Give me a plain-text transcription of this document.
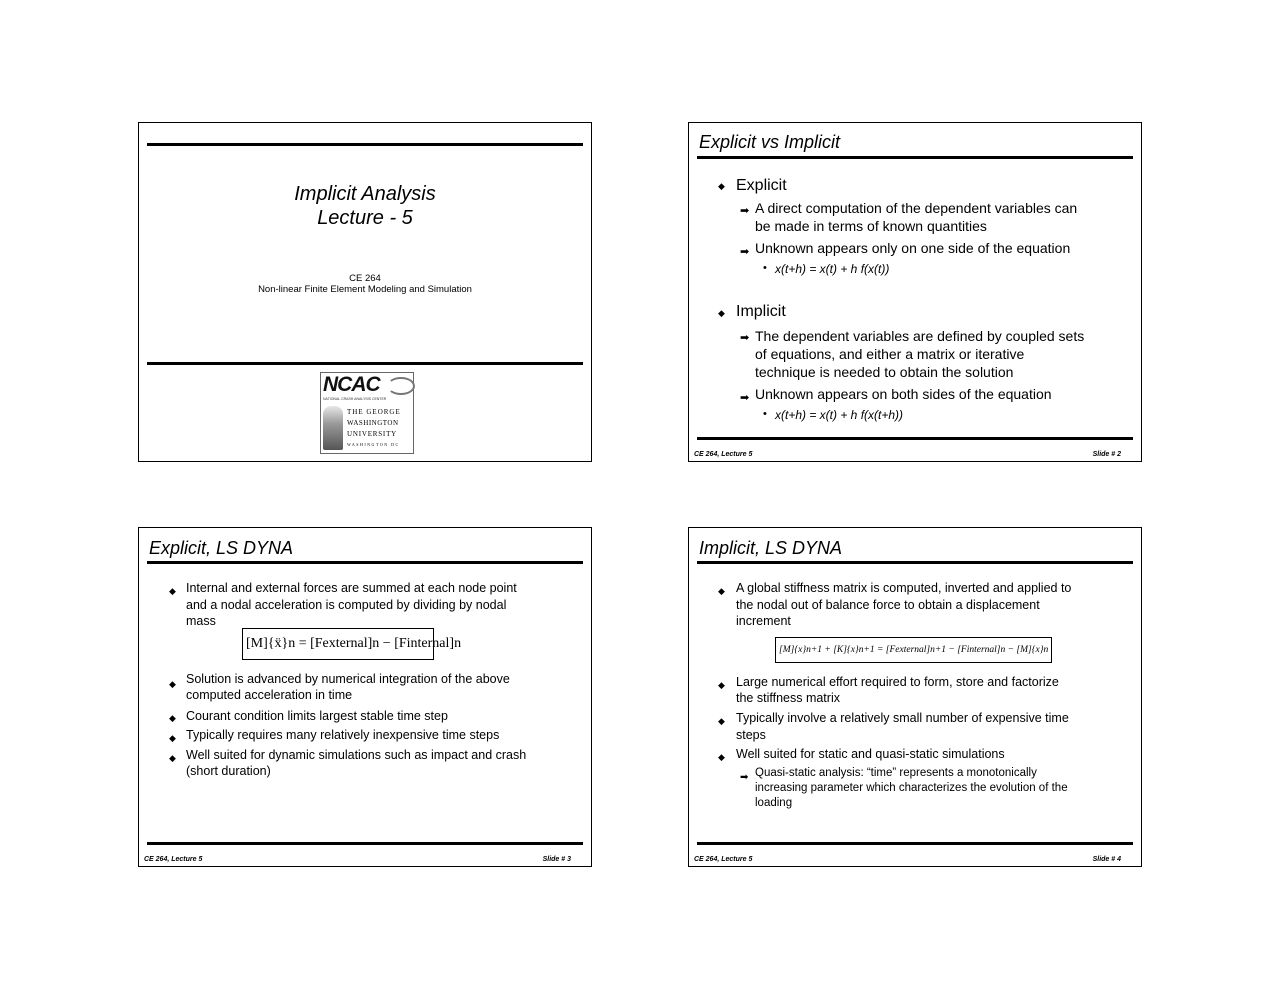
Implicit Analysis
Lecture - 5
CE 264
Non-linear Finite Element Modeling and Simulation
NCAC
NATIONAL CRASH ANALYSIS CENTER
THE GEORGE
WASHINGTON
UNIVERSITY
WASHINGTON DC
Explicit vs Implicit
◆ Explicit
➡ A direct computation of the dependent variables can
be made in terms of known quantities
➡ Unknown appears only on one side of the equation
• x(t+h) = x(t) + h f(x(t))
◆ Implicit
➡ The dependent variables are defined by coupled sets
of equations, and either a matrix or iterative
technique is needed to obtain the solution
➡ Unknown appears on both sides of the equation
• x(t+h) = x(t) + h f(x(t+h))
CE 264, Lecture 5	Slide # 2
Explicit, LS DYNA
◆ Internal and external forces are summed at each node point
and a nodal acceleration is computed by dividing by nodal
mass
[M]{ẍ}n = [Fexternal]n − [Finternal]n
◆ Solution is advanced by numerical integration of the above
computed acceleration in time
◆ Courant condition limits largest stable time step
◆ Typically requires many relatively inexpensive time steps
◆ Well suited for dynamic simulations such as impact and crash
(short duration)
CE 264, Lecture 5	Slide # 3
Implicit, LS DYNA
◆ A global stiffness matrix is computed, inverted and applied to
the nodal out of balance force to obtain a displacement
increment
[M]{x}n+1 + [K]{x}n+1 = [Fexternal]n+1 − [Finternal]n − [M]{x}n
◆ Large numerical effort required to form, store and factorize
the stiffness matrix
◆ Typically involve a relatively small number of expensive time
steps
◆ Well suited for static and quasi-static simulations
➡ Quasi-static analysis: “time” represents a monotonically
increasing parameter which characterizes the evolution of the
loading
CE 264, Lecture 5	Slide # 4
